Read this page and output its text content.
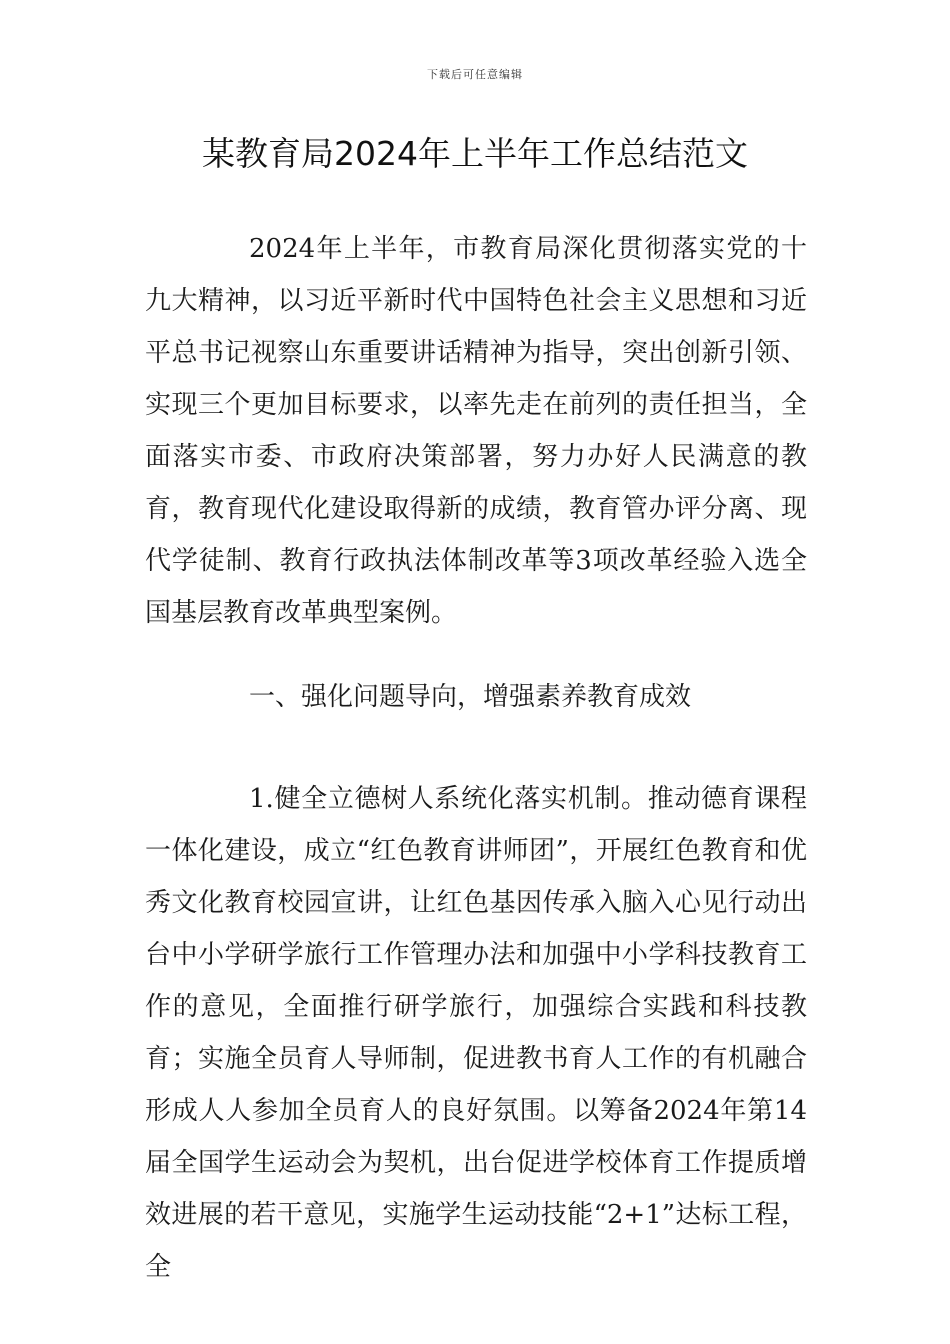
下载后可任意编辑
某教育局2024年上半年工作总结范文

2024年上半年，市教育局深化贯彻落实党的十九大精神，以习近平新时代中国特色社会主义思想和习近平总书记视察山东重要讲话精神为指导，突出创新引领、实现三个更加目标要求，以率先走在前列的责任担当，全面落实市委、市政府决策部署，努力办好人民满意的教育，教育现代化建设取得新的成绩，教育管办评分离、现代学徒制、教育行政执法体制改革等3项改革经验入选全国基层教育改革典型案例。

一、强化问题导向，增强素养教育成效

1.健全立德树人系统化落实机制。推动德育课程一体化建设，成立“红色教育讲师团”，开展红色教育和优秀文化教育校园宣讲，让红色基因传承入脑入心见行动出台中小学研学旅行工作管理办法和加强中小学科技教育工作的意见，全面推行研学旅行，加强综合实践和科技教育；实施全员育人导师制，促进教书育人工作的有机融合形成人人参加全员育人的良好氛围。以筹备2024年第14届全国学生运动会为契机，出台促进学校体育工作提质增效进展的若干意见，实施学生运动技能“2+1”达标工程，全
